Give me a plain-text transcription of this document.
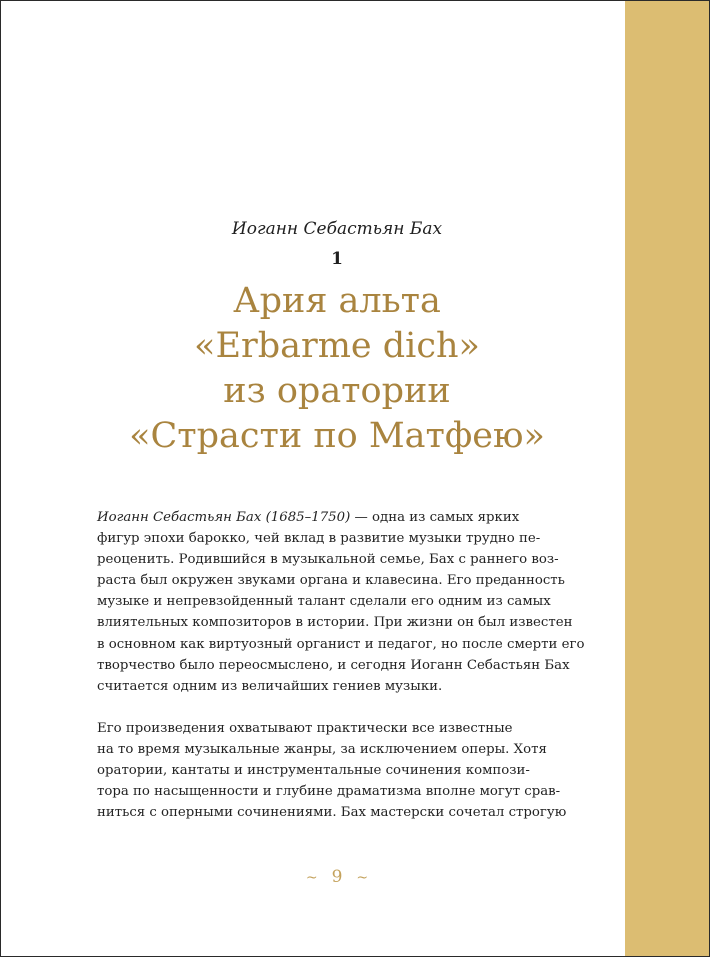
Иоганн Себастьян Бах
1
Ария альта
«Erbarme dich»
из оратории
«Страсти по Матфею»

Иоганн Себастьян Бах (1685–1750) — одна из самых ярких
фигур эпохи барокко, чей вклад в развитие музыки трудно пе-
реоценить. Родившийся в музыкальной семье, Бах с раннего воз-
раста был окружен звуками органа и клавесина. Его преданность
музыке и непревзойденный талант сделали его одним из самых
влиятельных композиторов в истории. При жизни он был известен
в основном как виртуозный органист и педагог, но после смерти его
творчество было переосмыслено, и сегодня Иоганн Себастьян Бах
считается одним из величайших гениев музыки.

Его произведения охватывают практически все известные
на то время музыкальные жанры, за исключением оперы. Хотя
оратории, кантаты и инструментальные сочинения компози-
тора по насыщенности и глубине драматизма вполне могут срав-
ниться с оперными сочинениями. Бах мастерски сочетал строгую

~ 9 ~
